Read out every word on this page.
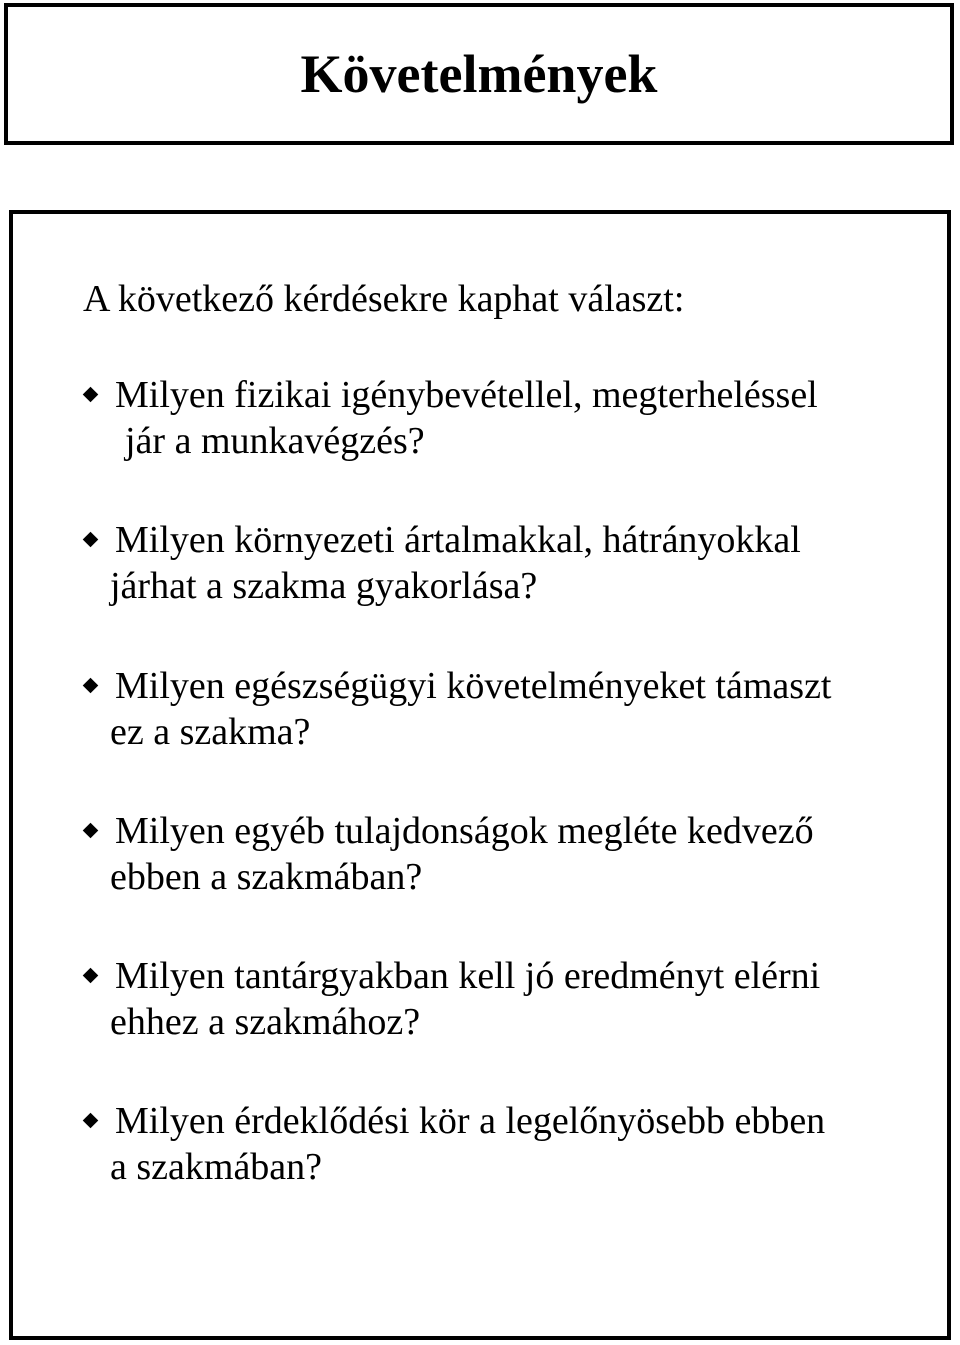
Követelmények

A következő kérdésekre kaphat választ:

Milyen fizikai igénybevétellel, megterheléssel
jár a munkavégzés?
Milyen környezeti ártalmakkal, hátrányokkal
járhat a szakma gyakorlása?
Milyen egészségügyi követelményeket támaszt
ez a szakma?
Milyen egyéb tulajdonságok megléte kedvező
ebben a szakmában?
Milyen tantárgyakban kell jó eredményt elérni
ehhez a szakmához?
Milyen érdeklődési kör a legelőnyösebb ebben
a szakmában?
